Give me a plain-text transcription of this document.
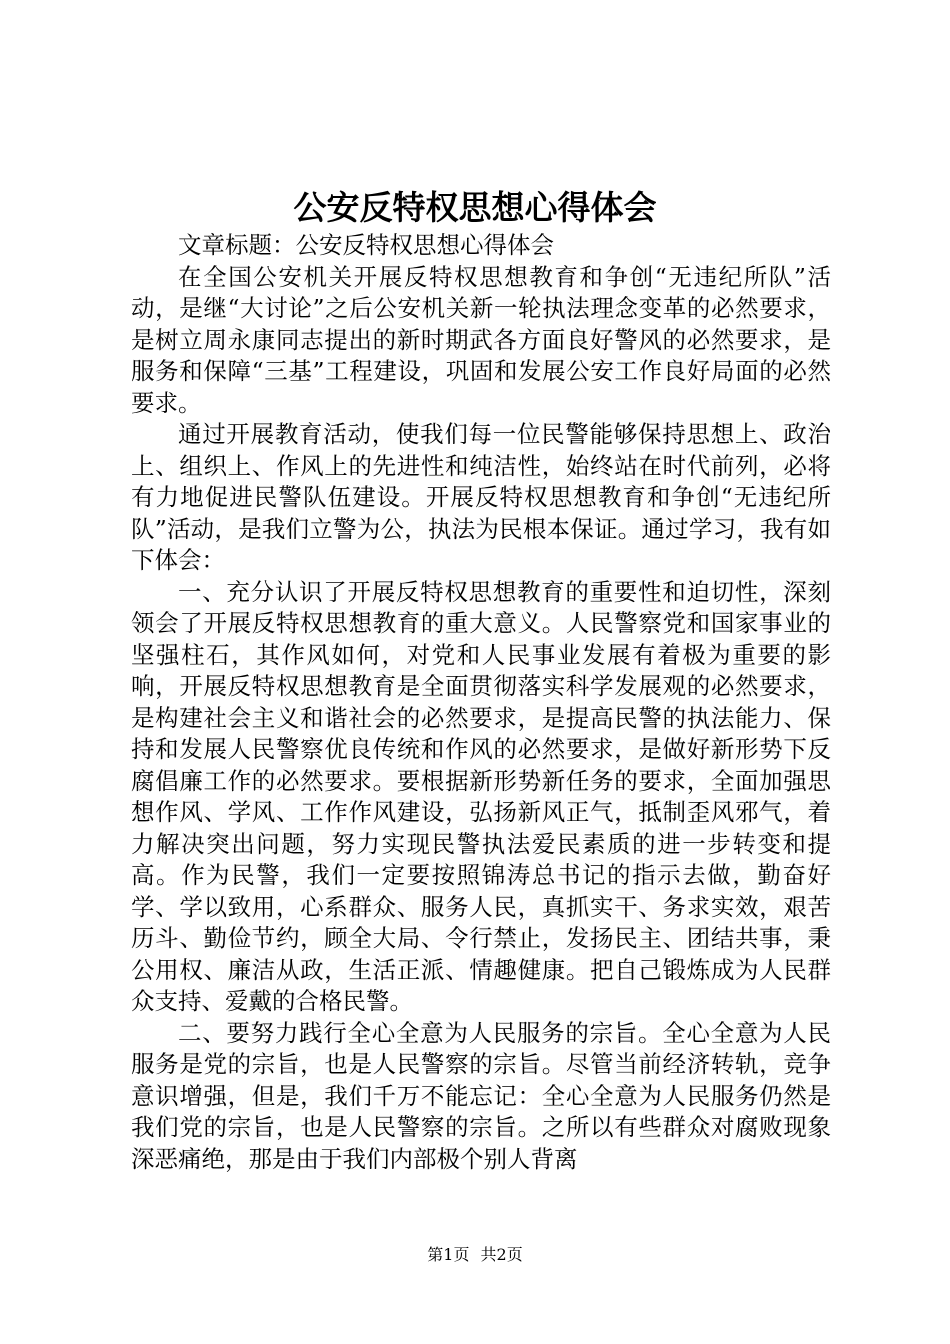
公安反特权思想心得体会

文章标题：公安反特权思想心得体会

在全国公安机关开展反特权思想教育和争创“无违纪所队”活动，是继“大讨论”之后公安机关新一轮执法理念变革的必然要求，是树立周永康同志提出的新时期武各方面良好警风的必然要求，是服务和保障“三基”工程建设，巩固和发展公安工作良好局面的必然要求。

通过开展教育活动，使我们每一位民警能够保持思想上、政治上、组织上、作风上的先进性和纯洁性，始终站在时代前列，必将有力地促进民警队伍建设。开展反特权思想教育和争创“无违纪所队”活动，是我们立警为公，执法为民根本保证。通过学习，我有如下体会：

一、充分认识了开展反特权思想教育的重要性和迫切性，深刻领会了开展反特权思想教育的重大意义。人民警察党和国家事业的坚强柱石，其作风如何，对党和人民事业发展有着极为重要的影响，开展反特权思想教育是全面贯彻落实科学发展观的必然要求，是构建社会主义和谐社会的必然要求，是提高民警的执法能力、保持和发展人民警察优良传统和作风的必然要求，是做好新形势下反腐倡廉工作的必然要求。要根据新形势新任务的要求，全面加强思想作风、学风、工作作风建设，弘扬新风正气，抵制歪风邪气，着力解决突出问题，努力实现民警执法爱民素质的进一步转变和提高。作为民警，我们一定要按照锦涛总书记的指示去做，勤奋好学、学以致用，心系群众、服务人民，真抓实干、务求实效，艰苦历斗、勤俭节约，顾全大局、令行禁止，发扬民主、团结共事，秉公用权、廉洁从政，生活正派、情趣健康。把自己锻炼成为人民群众支持、爱戴的合格民警。

二、要努力践行全心全意为人民服务的宗旨。全心全意为人民服务是党的宗旨，也是人民警察的宗旨。尽管当前经济转轨，竞争意识增强，但是，我们千万不能忘记：全心全意为人民服务仍然是我们党的宗旨，也是人民警察的宗旨。之所以有些群众对腐败现象深恶痛绝，那是由于我们内部极个别人背离

第1页 共2页
